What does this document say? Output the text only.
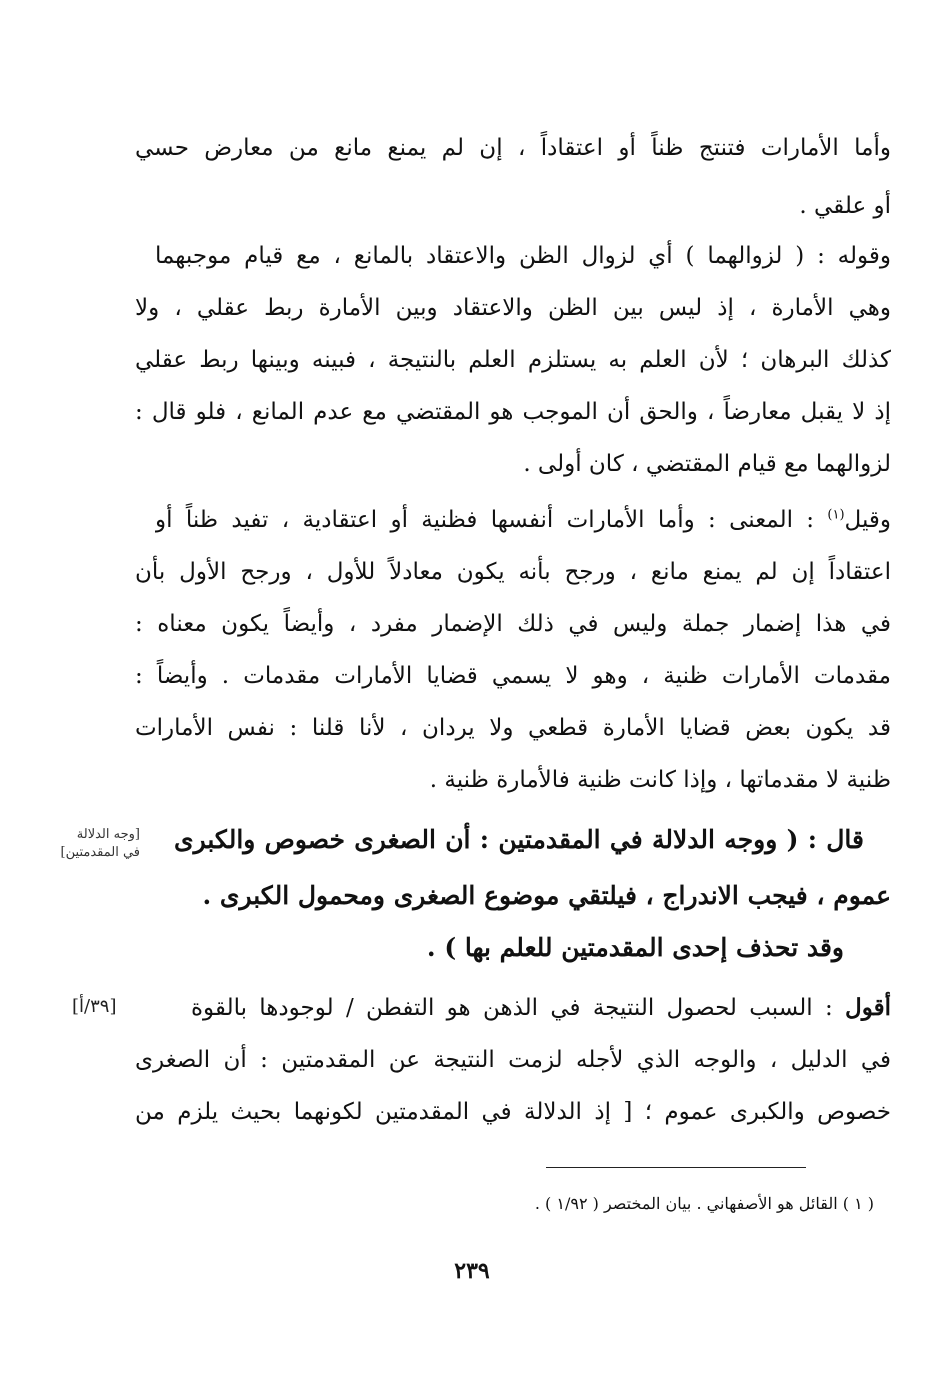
وأما الأمارات فتنتج ظناً أو اعتقاداً ، إن لم يمنع مانع من معارض حسي
أو علقي .
وقوله : ( لزوالهما ) أي لزوال الظن والاعتقاد بالمانع ، مع قيام موجبهما
وهي الأمارة ، إذ ليس بين الظن والاعتقاد وبين الأمارة ربط عقلي ، ولا
كذلك البرهان ؛ لأن العلم به يستلزم العلم بالنتيجة ، فبينه وبينها ربط عقلي
إذ لا يقبل معارضاً ، والحق أن الموجب هو المقتضي مع عدم المانع ، فلو قال :
لزوالهما مع قيام المقتضي ، كان أولى .
وقيل$^{(١)}$ : المعنى : وأما الأمارات أنفسها فظنية أو اعتقادية ، تفيد ظناً أو
اعتقاداً إن لم يمنع مانع ، ورجح بأنه يكون معادلاً للأول ، ورجح الأول بأن
في هذا إضمار جملة وليس في ذلك الإضمار مفرد ، وأيضاً يكون معناه :
مقدمات الأمارات ظنية ، وهو لا يسمي قضايا الأمارات مقدمات . وأيضاً :
قد يكون بعض قضايا الأمارة قطعي ولا يردان ، لأنا قلنا : نفس الأمارات
ظنية لا مقدماتها ، وإذا كانت ظنية فالأمارة ظنية .
قال : ( ووجه الدلالة في المقدمتين : أن الصغرى خصوص والكبرى
[وجه الدلالة
في المقدمتين]
عموم ، فيجب الاندراج ، فيلتقي موضوع الصغرى ومحمول الكبرى .
وقد تحذف إحدى المقدمتين للعلم بها ) .
أقول : السبب لحصول النتيجة في الذهن هو التفطن / لوجودها بالقوة
[٣٩/أ]
في الدليل ، والوجه الذي لأجله لزمت النتيجة عن المقدمتين : أن الصغرى
خصوص والكبرى عموم ؛ [ إذ الدلالة في المقدمتين لكونهما بحيث يلزم من
( ١ ) القائل هو الأصفهاني . بيان المختصر ( ١/٩٢ ) .
٢٣٩
